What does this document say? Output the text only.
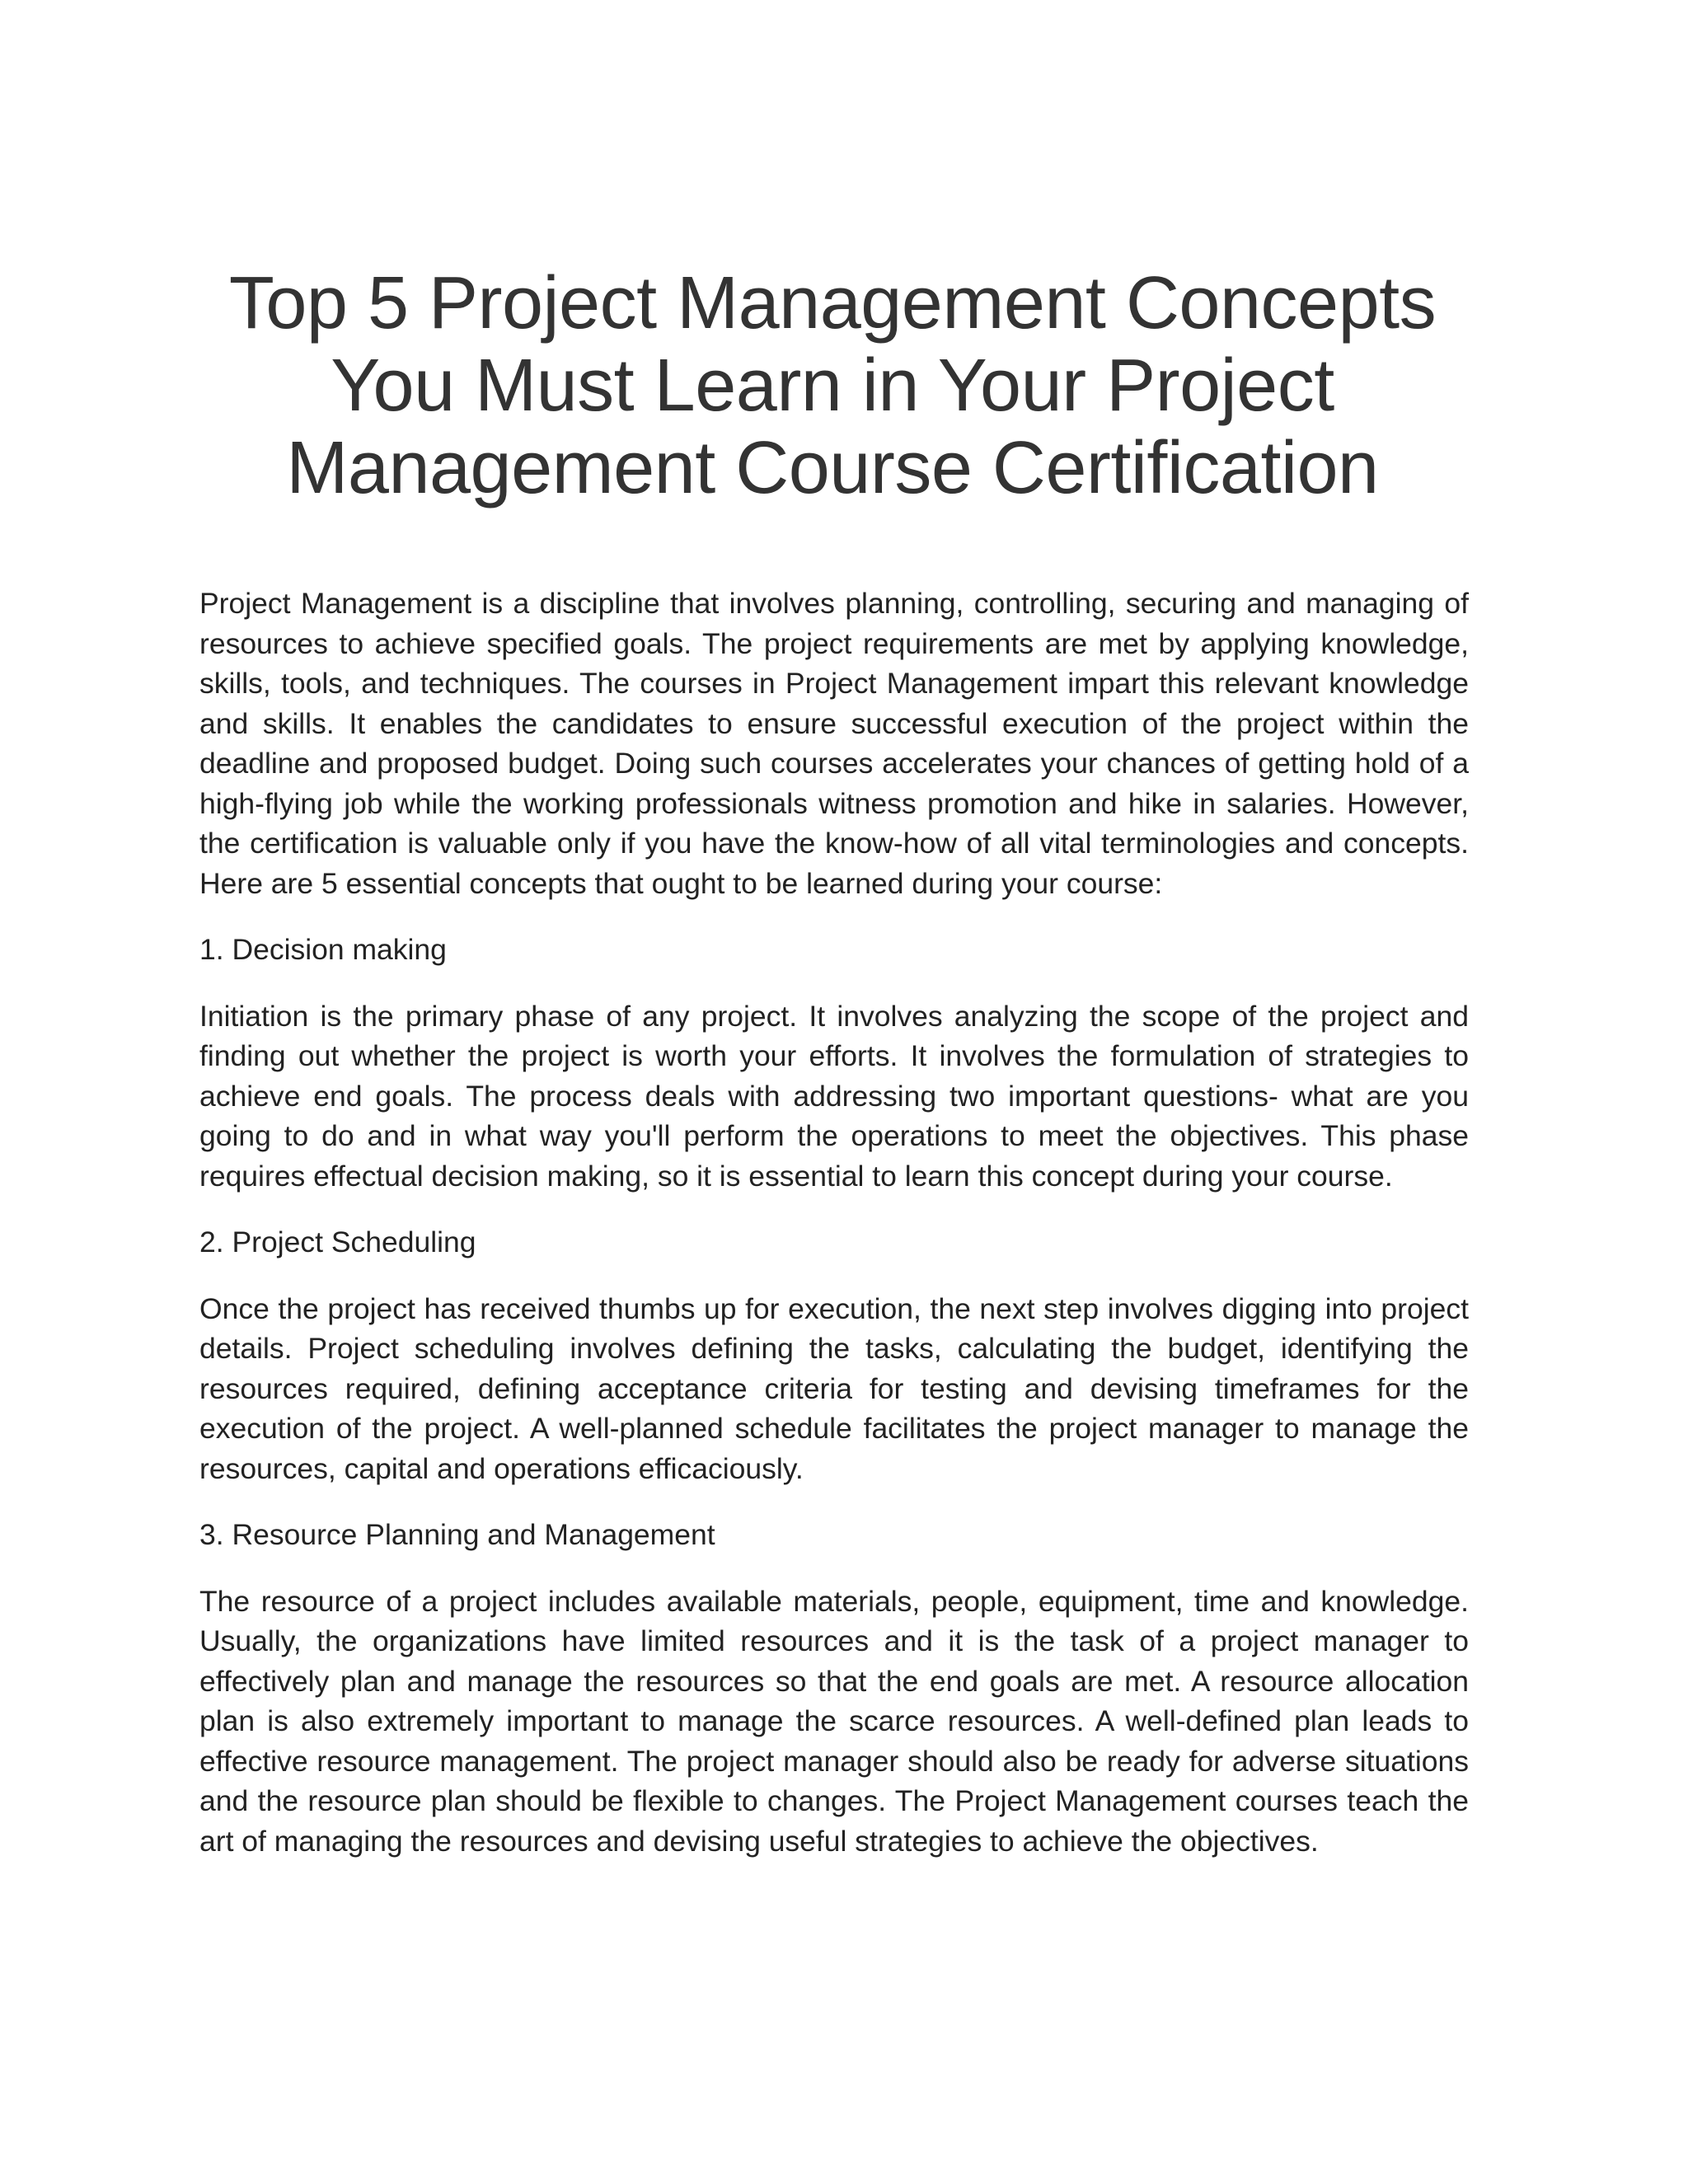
Top 5 Project Management Concepts You Must Learn in Your Project Management Course Certification

Project Management is a discipline that involves planning, controlling, securing and managing of resources to achieve specified goals. The project requirements are met by applying knowledge, skills, tools, and techniques. The courses in Project Management impart this relevant knowledge and skills. It enables the candidates to ensure successful execution of the project within the deadline and proposed budget. Doing such courses accelerates your chances of getting hold of a high-flying job while the working professionals witness promotion and hike in salaries. However, the certification is valuable only if you have the know-how of all vital terminologies and concepts. Here are 5 essential concepts that ought to be learned during your course:

1. Decision making

Initiation is the primary phase of any project. It involves analyzing the scope of the project and finding out whether the project is worth your efforts. It involves the formulation of strategies to achieve end goals. The process deals with addressing two important questions- what are you going to do and in what way you'll perform the operations to meet the objectives. This phase requires effectual decision making, so it is essential to learn this concept during your course.

2. Project Scheduling

Once the project has received thumbs up for execution, the next step involves digging into project details. Project scheduling involves defining the tasks, calculating the budget, identifying the resources required, defining acceptance criteria for testing and devising timeframes for the execution of the project. A well-planned schedule facilitates the project manager to manage the resources, capital and operations efficaciously.

3. Resource Planning and Management

The resource of a project includes available materials, people, equipment, time and knowledge. Usually, the organizations have limited resources and it is the task of a project manager to effectively plan and manage the resources so that the end goals are met. A resource allocation plan is also extremely important to manage the scarce resources. A well-defined plan leads to effective resource management. The project manager should also be ready for adverse situations and the resource plan should be flexible to changes. The Project Management courses teach the art of managing the resources and devising useful strategies to achieve the objectives.
